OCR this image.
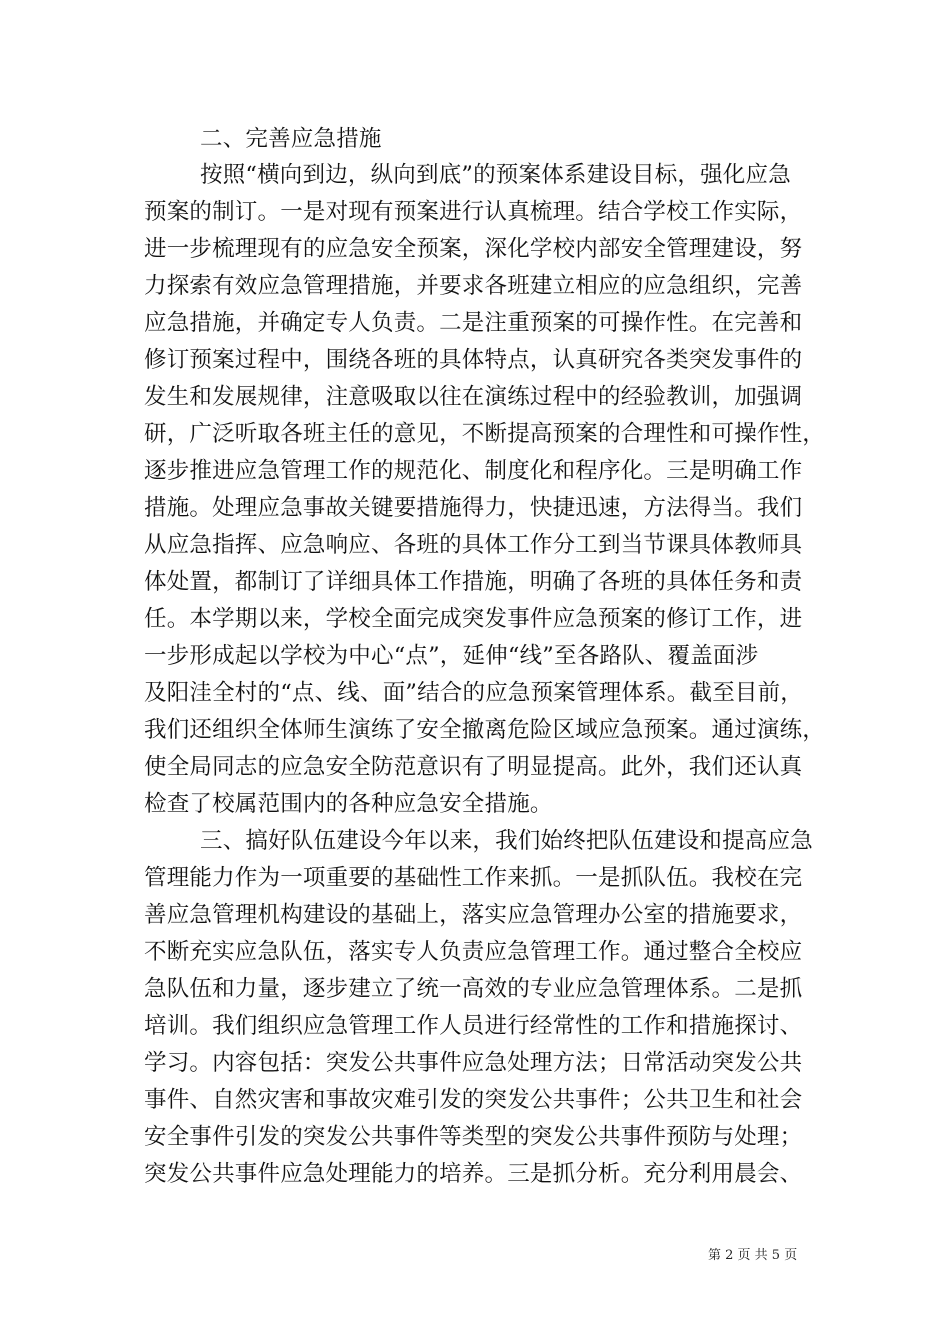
二、完善应急措施
按照“横向到边，纵向到底”的预案体系建设目标，强化应急
预案的制订。一是对现有预案进行认真梳理。结合学校工作实际，
进一步梳理现有的应急安全预案，深化学校内部安全管理建设，努
力探索有效应急管理措施，并要求各班建立相应的应急组织，完善
应急措施，并确定专人负责。二是注重预案的可操作性。在完善和
修订预案过程中，围绕各班的具体特点，认真研究各类突发事件的
发生和发展规律，注意吸取以往在演练过程中的经验教训，加强调
研，广泛听取各班主任的意见，不断提高预案的合理性和可操作性，
逐步推进应急管理工作的规范化、制度化和程序化。三是明确工作
措施。处理应急事故关键要措施得力，快捷迅速，方法得当。我们
从应急指挥、应急响应、各班的具体工作分工到当节课具体教师具
体处置，都制订了详细具体工作措施，明确了各班的具体任务和责
任。本学期以来，学校全面完成突发事件应急预案的修订工作，进
一步形成起以学校为中心“点”，延伸“线”至各路队、覆盖面涉
及阳洼全村的“点、线、面”结合的应急预案管理体系。截至目前，
我们还组织全体师生演练了安全撤离危险区域应急预案。通过演练，
使全局同志的应急安全防范意识有了明显提高。此外，我们还认真
检查了校属范围内的各种应急安全措施。
三、搞好队伍建设今年以来，我们始终把队伍建设和提高应急
管理能力作为一项重要的基础性工作来抓。一是抓队伍。我校在完
善应急管理机构建设的基础上，落实应急管理办公室的措施要求，
不断充实应急队伍，落实专人负责应急管理工作。通过整合全校应
急队伍和力量，逐步建立了统一高效的专业应急管理体系。二是抓
培训。我们组织应急管理工作人员进行经常性的工作和措施探讨、
学习。内容包括：突发公共事件应急处理方法；日常活动突发公共
事件、自然灾害和事故灾难引发的突发公共事件；公共卫生和社会
安全事件引发的突发公共事件等类型的突发公共事件预防与处理；
突发公共事件应急处理能力的培养。三是抓分析。充分利用晨会、
第 2 页 共 5 页
